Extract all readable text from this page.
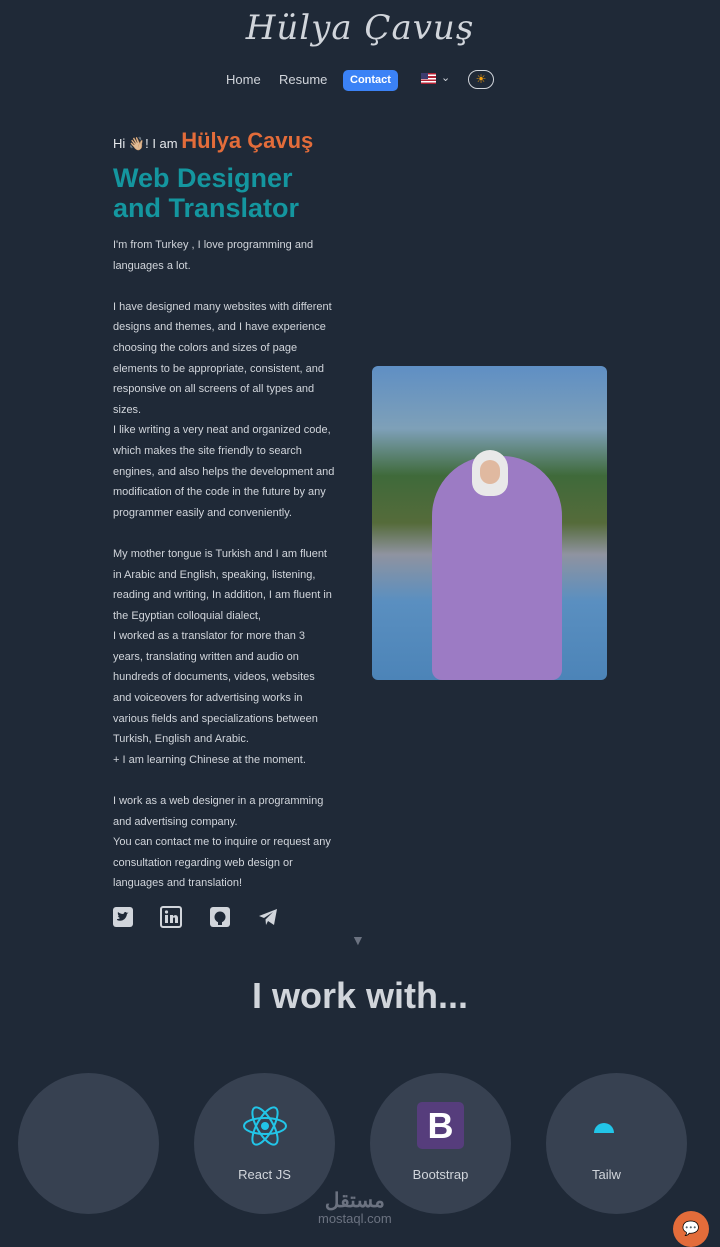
Hülya Çavuş
Home Resume	Contact	⌄	☀
Hi 👋🏼! I am Hülya Çavuş
Web Designer
and Translator
I'm from Turkey , I love programming and
languages a lot.
I have designed many websites with different
designs and themes, and I have experience
choosing the colors and sizes of page
elements to be appropriate, consistent, and
responsive on all screens of all types and
sizes.
I like writing a very neat and organized code,
which makes the site friendly to search
engines, and also helps the development and
modification of the code in the future by any
programmer easily and conveniently.
My mother tongue is Turkish and I am fluent
in Arabic and English, speaking, listening,
reading and writing, In addition, I am fluent in
the Egyptian colloquial dialect,
I worked as a translator for more than 3
years, translating written and audio on
hundreds of documents, videos, websites
and voiceovers for advertising works in
various fields and specializations between
Turkish, English and Arabic.
+ I am learning Chinese at the moment.
I work as a web designer in a programming
and advertising company.
You can contact me to inquire or request any
consultation regarding web design or
languages and translation!
▼
I work with...
React JS
B
Bootstrap	Tailw
مستقل
mostaql.com
💬
